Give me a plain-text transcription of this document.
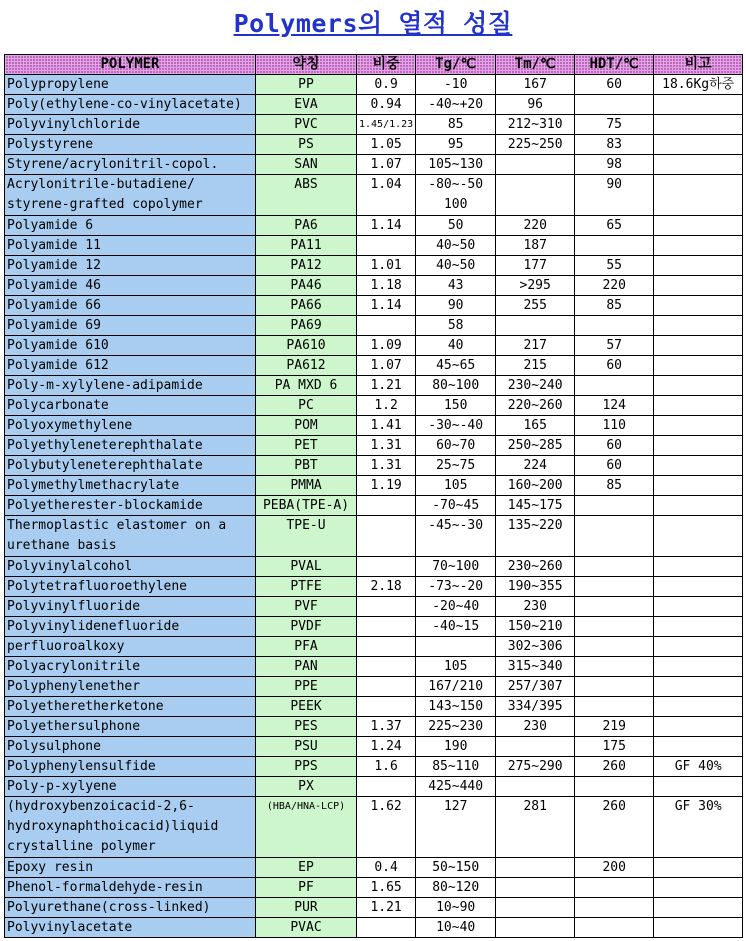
Polymers의 열적 성질
POLYMER	약칭	비중	Tg/℃	Tm/℃	HDT/℃	비고
Polypropylene	PP	0.9	-10	167	60	18.6Kg하중
Poly(ethylene-co-vinylacetate)	EVA	0.94	-40~+20	96		
Polyvinylchloride	PVC	1.45/1.23	85	212~310	75	
Polystyrene	PS	1.05	95	225~250	83	
Styrene/acrylonitril-copol.	SAN	1.07	105~130		98	
Acrylonitrile-butadiene/ styrene-grafted copolymer	ABS	1.04	-80~-50 100		90	
Polyamide 6	PA6	1.14	50	220	65	
Polyamide 11	PA11		40~50	187		
Polyamide 12	PA12	1.01	40~50	177	55	
Polyamide 46	PA46	1.18	43	>295	220	
Polyamide 66	PA66	1.14	90	255	85	
Polyamide 69	PA69		58			
Polyamide 610	PA610	1.09	40	217	57	
Polyamide 612	PA612	1.07	45~65	215	60	
Poly-m-xylylene-adipamide	PA MXD 6	1.21	80~100	230~240		
Polycarbonate	PC	1.2	150	220~260	124	
Polyoxymethylene	POM	1.41	-30~-40	165	110	
Polyethyleneterephthalate	PET	1.31	60~70	250~285	60	
Polybutyleneterephthalate	PBT	1.31	25~75	224	60	
Polymethylmethacrylate	PMMA	1.19	105	160~200	85	
Polyetherester-blockamide	PEBA(TPE-A)		-70~45	145~175		
Thermoplastic elastomer on a urethane basis	TPE-U		-45~-30	135~220		
Polyvinylalcohol	PVAL		70~100	230~260		
Polytetrafluoroethylene	PTFE	2.18	-73~-20	190~355		
Polyvinylfluoride	PVF		-20~40	230		
Polyvinylidenefluoride	PVDF		-40~15	150~210		
perfluoroalkoxy	PFA			302~306		
Polyacrylonitrile	PAN		105	315~340		
Polyphenylenether	PPE		167/210	257/307		
Polyetheretherketone	PEEK		143~150	334/395		
Polyethersulphone	PES	1.37	225~230	230	219	
Polysulphone	PSU	1.24	190		175	
Polyphenylensulfide	PPS	1.6	85~110	275~290	260	GF 40%
Poly-p-xylyene	PX		425~440			
(hydroxybenzoicacid-2,6- hydroxynaphthoicacid)liquid crystalline polymer	(HBA/HNA-LCP)	1.62	127	281	260	GF 30%
Epoxy resin	EP	0.4	50~150		200	
Phenol-formaldehyde-resin	PF	1.65	80~120			
Polyurethane(cross-linked)	PUR	1.21	10~90			
Polyvinylacetate	PVAC		10~40			
